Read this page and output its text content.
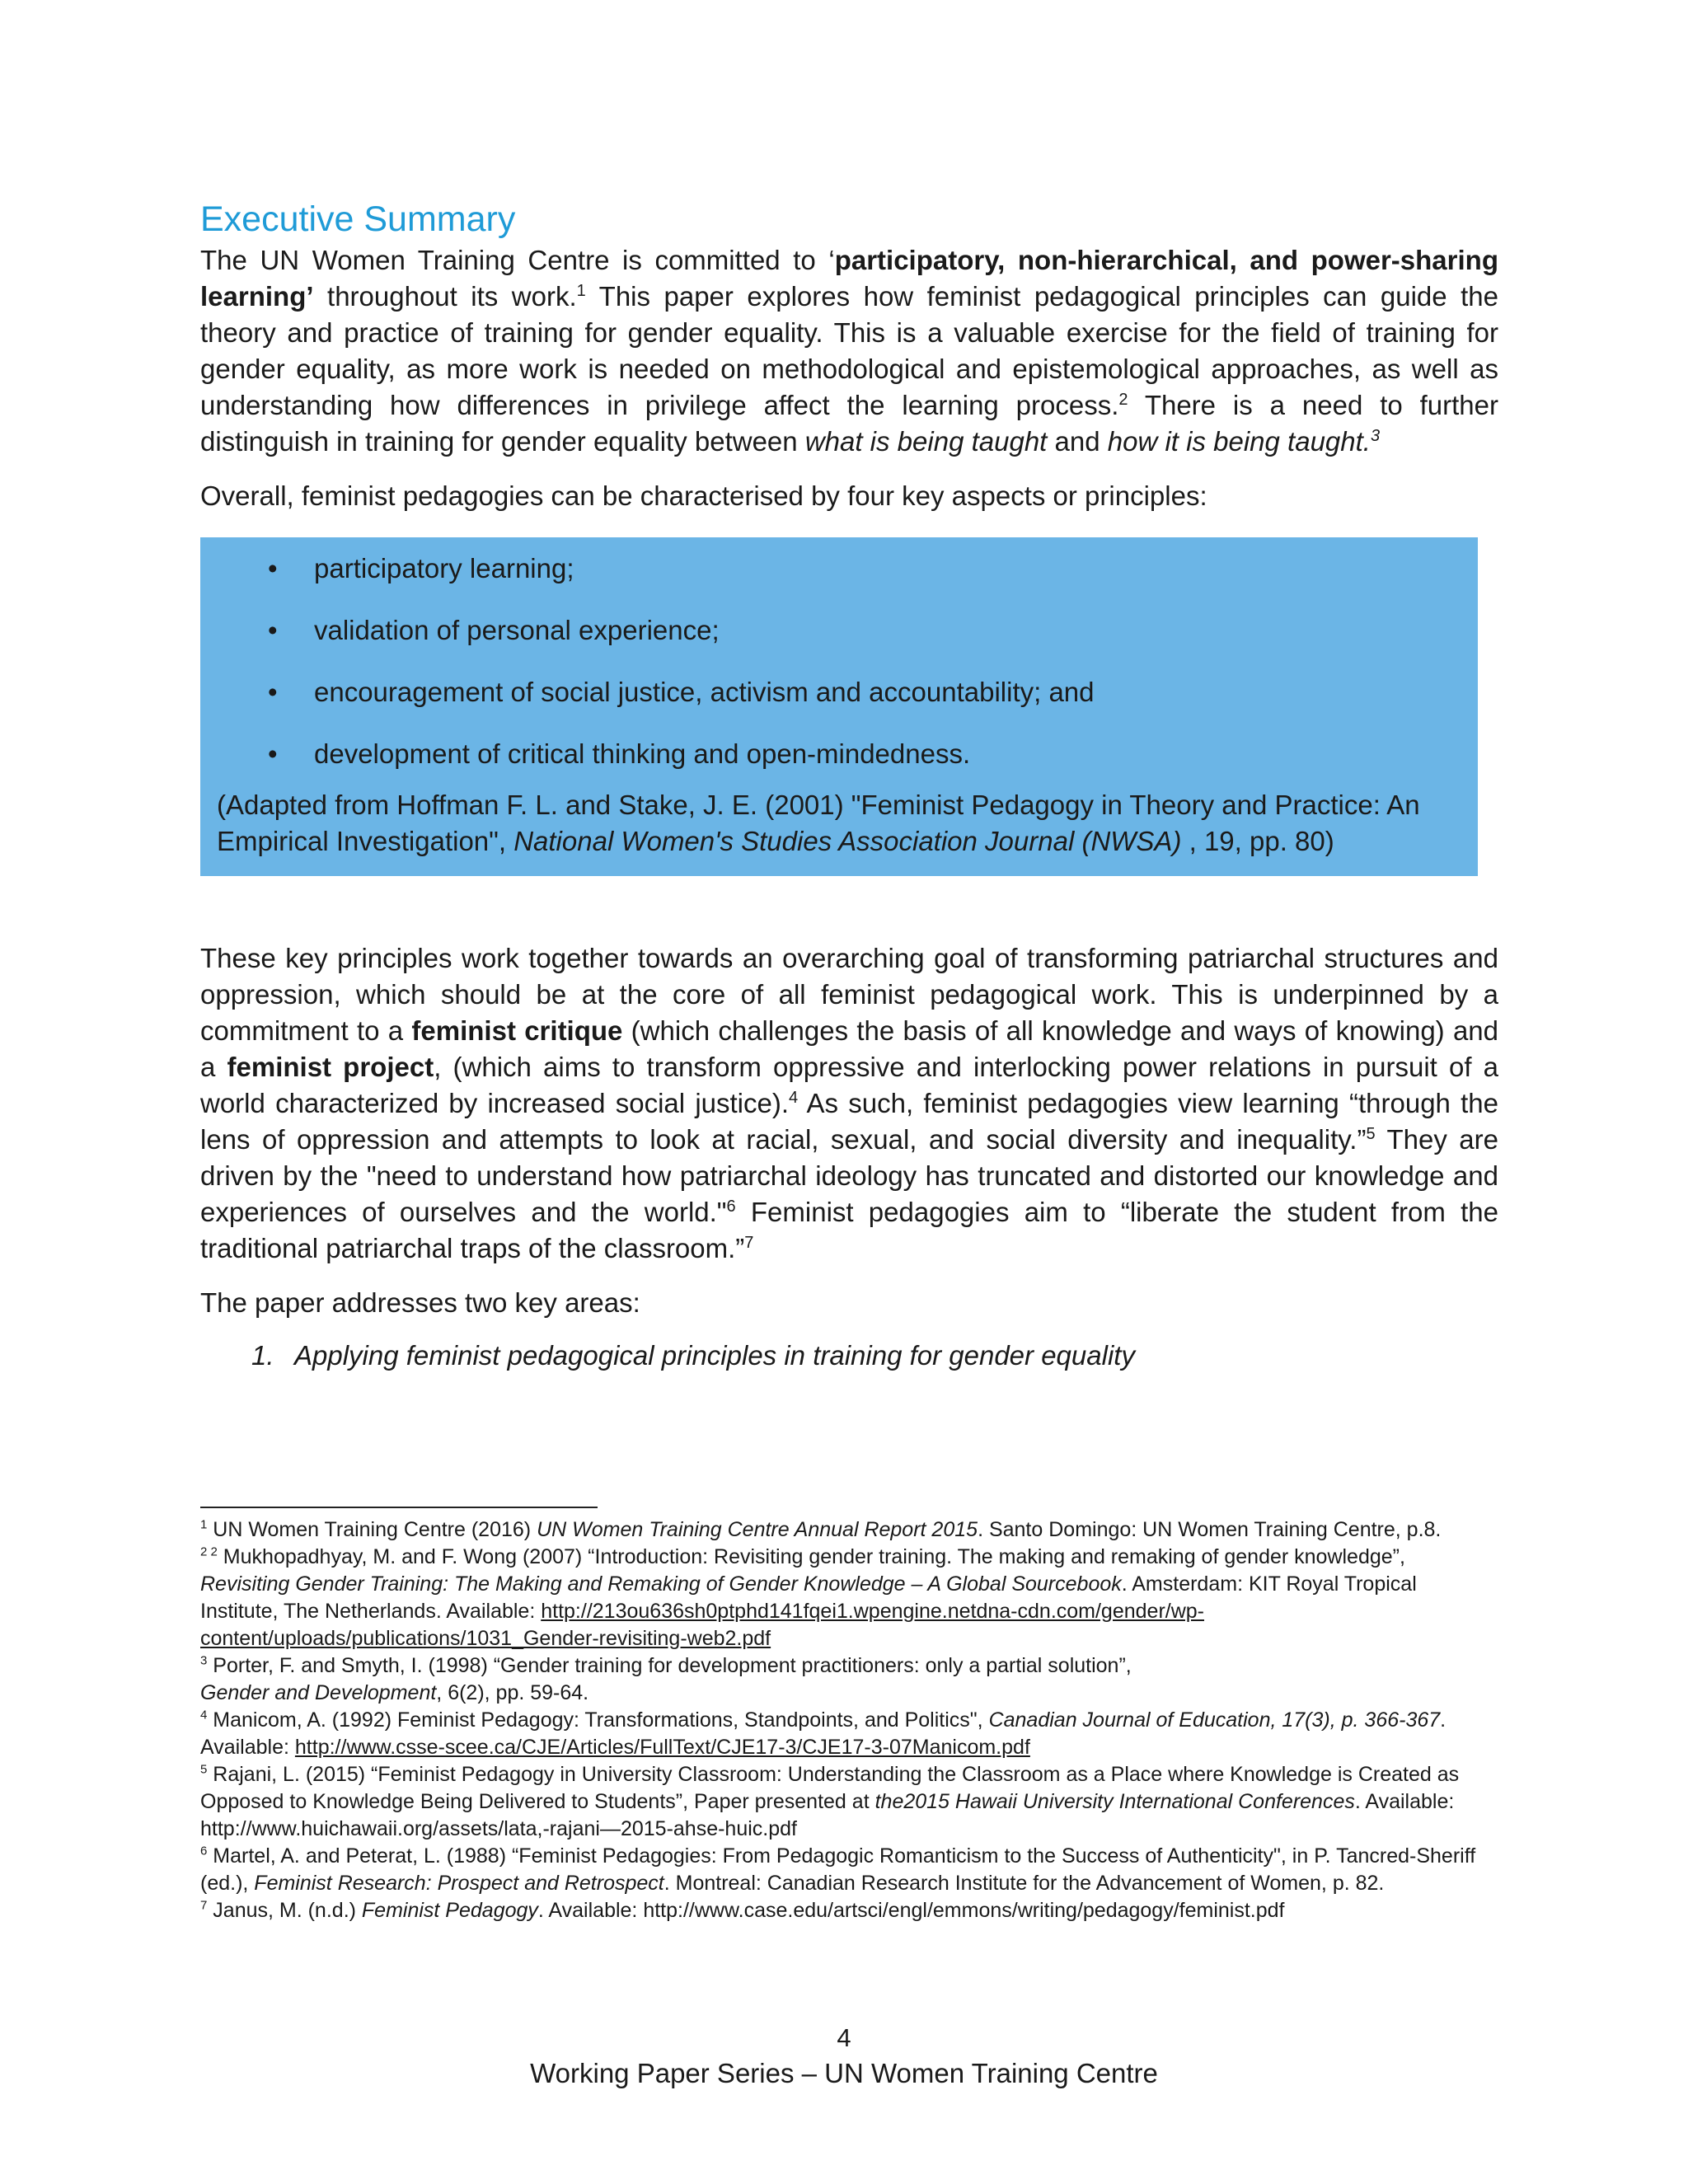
Executive Summary

The UN Women Training Centre is committed to ‘participatory, non-hierarchical, and power-sharing learning’ throughout its work.$^1$ This paper explores how feminist pedagogical principles can guide the theory and practice of training for gender equality. This is a valuable exercise for the field of training for gender equality, as more work is needed on methodological and epistemological approaches, as well as understanding how differences in privilege affect the learning process.$^2$ There is a need to further distinguish in training for gender equality between what is being taught and how it is being taught.$^3$

Overall, feminist pedagogies can be characterised by four key aspects or principles:

•	participatory learning;
•	validation of personal experience;
•	encouragement of social justice, activism and accountability; and
•	development of critical thinking and open-mindedness.
(Adapted from Hoffman F. L. and Stake, J. E. (2001) "Feminist Pedagogy in Theory and Practice: An Empirical Investigation", National Women's Studies Association Journal (NWSA) , 19, pp. 80)

These key principles work together towards an overarching goal of transforming patriarchal structures and oppression, which should be at the core of all feminist pedagogical work. This is underpinned by a commitment to a feminist critique (which challenges the basis of all knowledge and ways of knowing) and a feminist project, (which aims to transform oppressive and interlocking power relations in pursuit of a world characterized by increased social justice).$^4$ As such, feminist pedagogies view learning “through the lens of oppression and attempts to look at racial, sexual, and social diversity and inequality.”$^5$ They are driven by the "need to understand how patriarchal ideology has truncated and distorted our knowledge and experiences of ourselves and the world."$^6$ Feminist pedagogies aim to “liberate the student from the traditional patriarchal traps of the classroom.”$^7$

The paper addresses two key areas:

1. Applying feminist pedagogical principles in training for gender equality

$^1$ UN Women Training Centre (2016) UN Women Training Centre Annual Report 2015. Santo Domingo: UN Women Training Centre, p.8.

$^{2 2}$ Mukhopadhyay, M. and F. Wong (2007) “Introduction: Revisiting gender training. The making and remaking of gender knowledge”, Revisiting Gender Training: The Making and Remaking of Gender Knowledge – A Global Sourcebook. Amsterdam: KIT Royal Tropical Institute, The Netherlands. Available: http://213ou636sh0ptphd141fqei1.wpengine.netdna-cdn.com/gender/wp-content/uploads/publications/1031_Gender-revisiting-web2.pdf

$^3$ Porter, F. and Smyth, I. (1998) “Gender training for development practitioners: only a partial solution”,
Gender and Development, 6(2), pp. 59-64.

$^4$ Manicom, A. (1992) Feminist Pedagogy: Transformations, Standpoints, and Politics", Canadian Journal of Education, 17(3), p. 366-367. Available: http://www.csse-scee.ca/CJE/Articles/FullText/CJE17-3/CJE17-3-07Manicom.pdf

$^5$ Rajani, L. (2015) “Feminist Pedagogy in University Classroom: Understanding the Classroom as a Place where Knowledge is Created as Opposed to Knowledge Being Delivered to Students”, Paper presented at the2015 Hawaii University International Conferences. Available: http://www.huichawaii.org/assets/lata,-rajani—2015-ahse-huic.pdf

$^6$ Martel, A. and Peterat, L. (1988) “Feminist Pedagogies: From Pedagogic Romanticism to the Success of Authenticity", in P. Tancred-Sheriff (ed.), Feminist Research: Prospect and Retrospect. Montreal: Canadian Research Institute for the Advancement of Women, p. 82.

$^7$ Janus, M. (n.d.) Feminist Pedagogy. Available: http://www.case.edu/artsci/engl/emmons/writing/pedagogy/feminist.pdf

4
Working Paper Series – UN Women Training Centre
